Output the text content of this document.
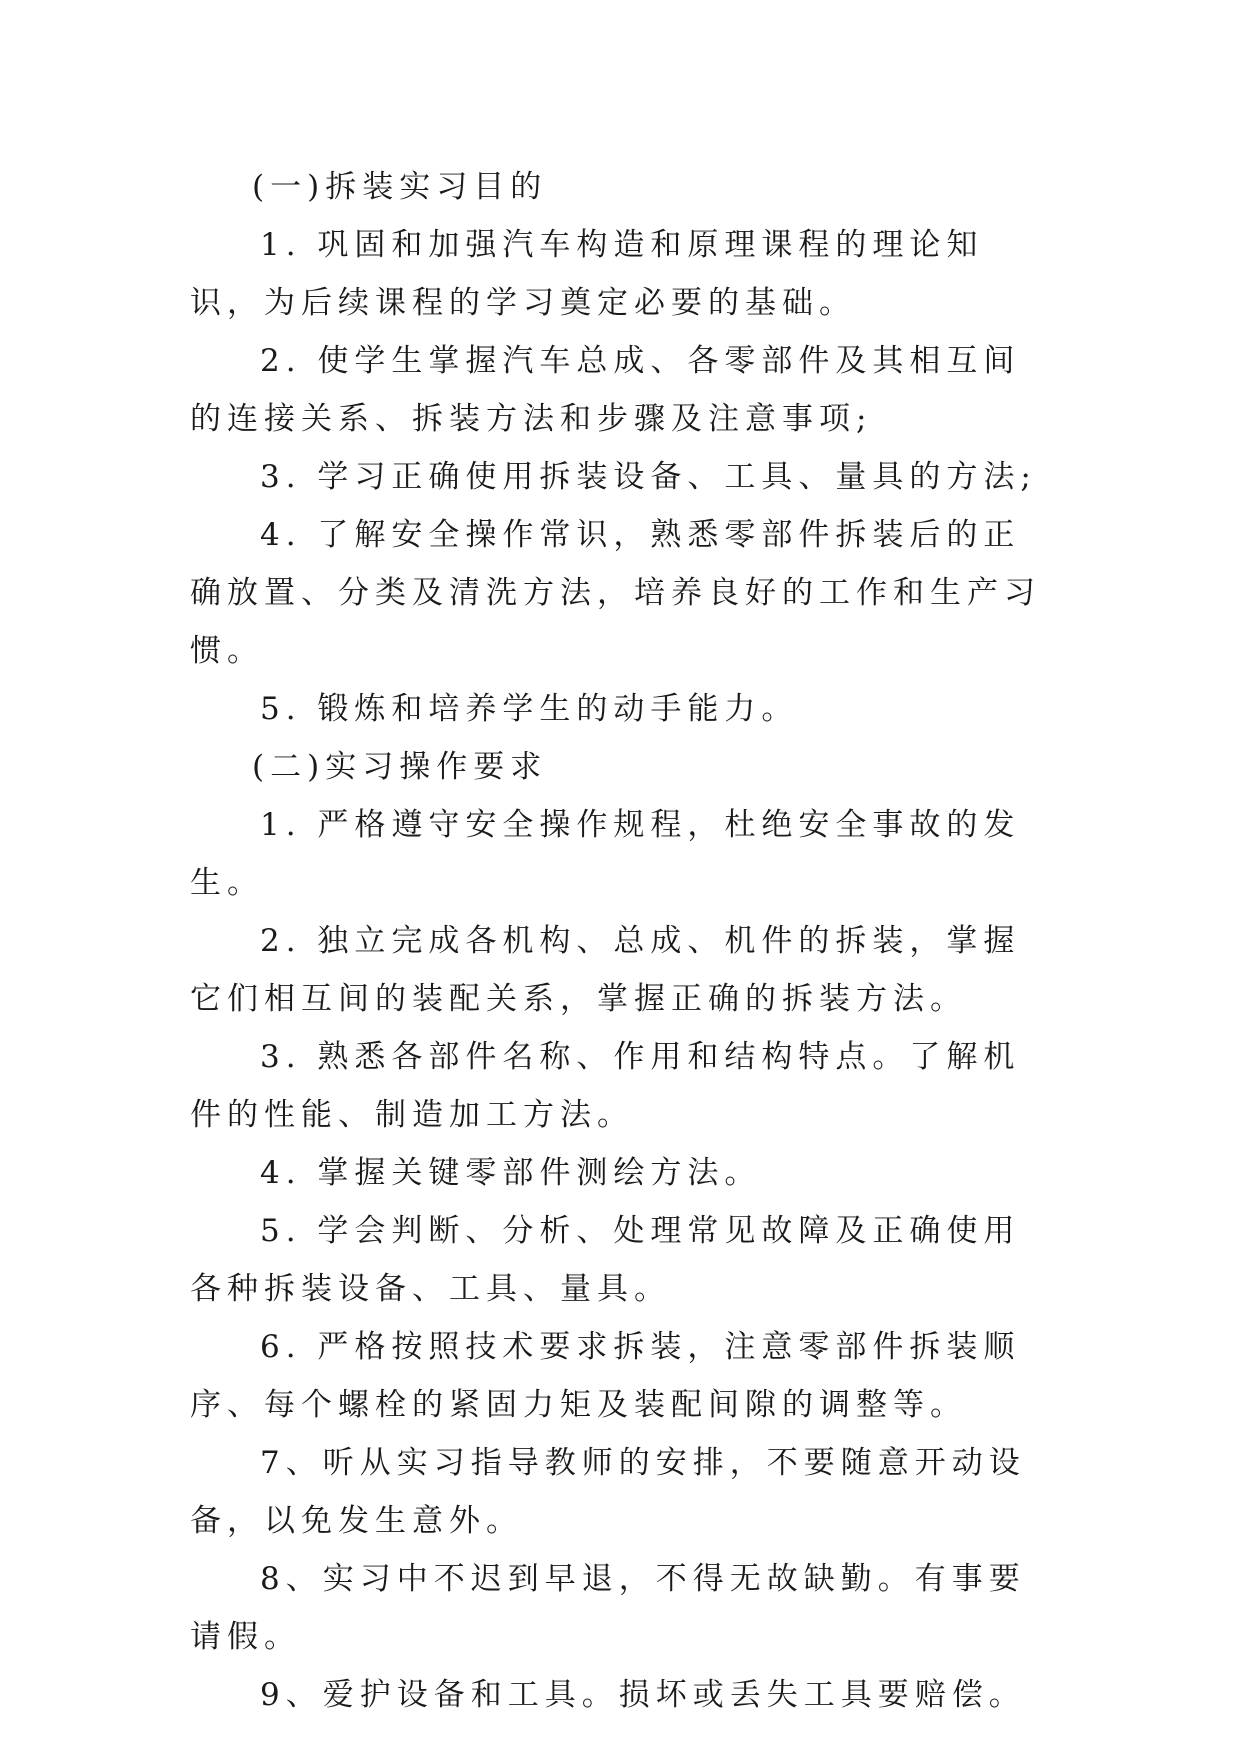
(一)拆装实习目的

1. 巩固和加强汽车构造和原理课程的理论知识，为后续课程的学习奠定必要的基础。

2. 使学生掌握汽车总成、各零部件及其相互间的连接关系、拆装方法和步骤及注意事项;

3. 学习正确使用拆装设备、工具、量具的方法;

4. 了解安全操作常识，熟悉零部件拆装后的正确放置、分类及清洗方法，培养良好的工作和生产习惯。

5. 锻炼和培养学生的动手能力。

(二)实习操作要求

1. 严格遵守安全操作规程，杜绝安全事故的发生。

2. 独立完成各机构、总成、机件的拆装，掌握它们相互间的装配关系，掌握正确的拆装方法。

3. 熟悉各部件名称、作用和结构特点。了解机件的性能、制造加工方法。

4. 掌握关键零部件测绘方法。

5. 学会判断、分析、处理常见故障及正确使用各种拆装设备、工具、量具。

6. 严格按照技术要求拆装，注意零部件拆装顺序、每个螺栓的紧固力矩及装配间隙的调整等。

7、听从实习指导教师的安排，不要随意开动设备，以免发生意外。

8、实习中不迟到早退，不得无故缺勤。有事要请假。

9、爱护设备和工具。损坏或丢失工具要赔偿。
